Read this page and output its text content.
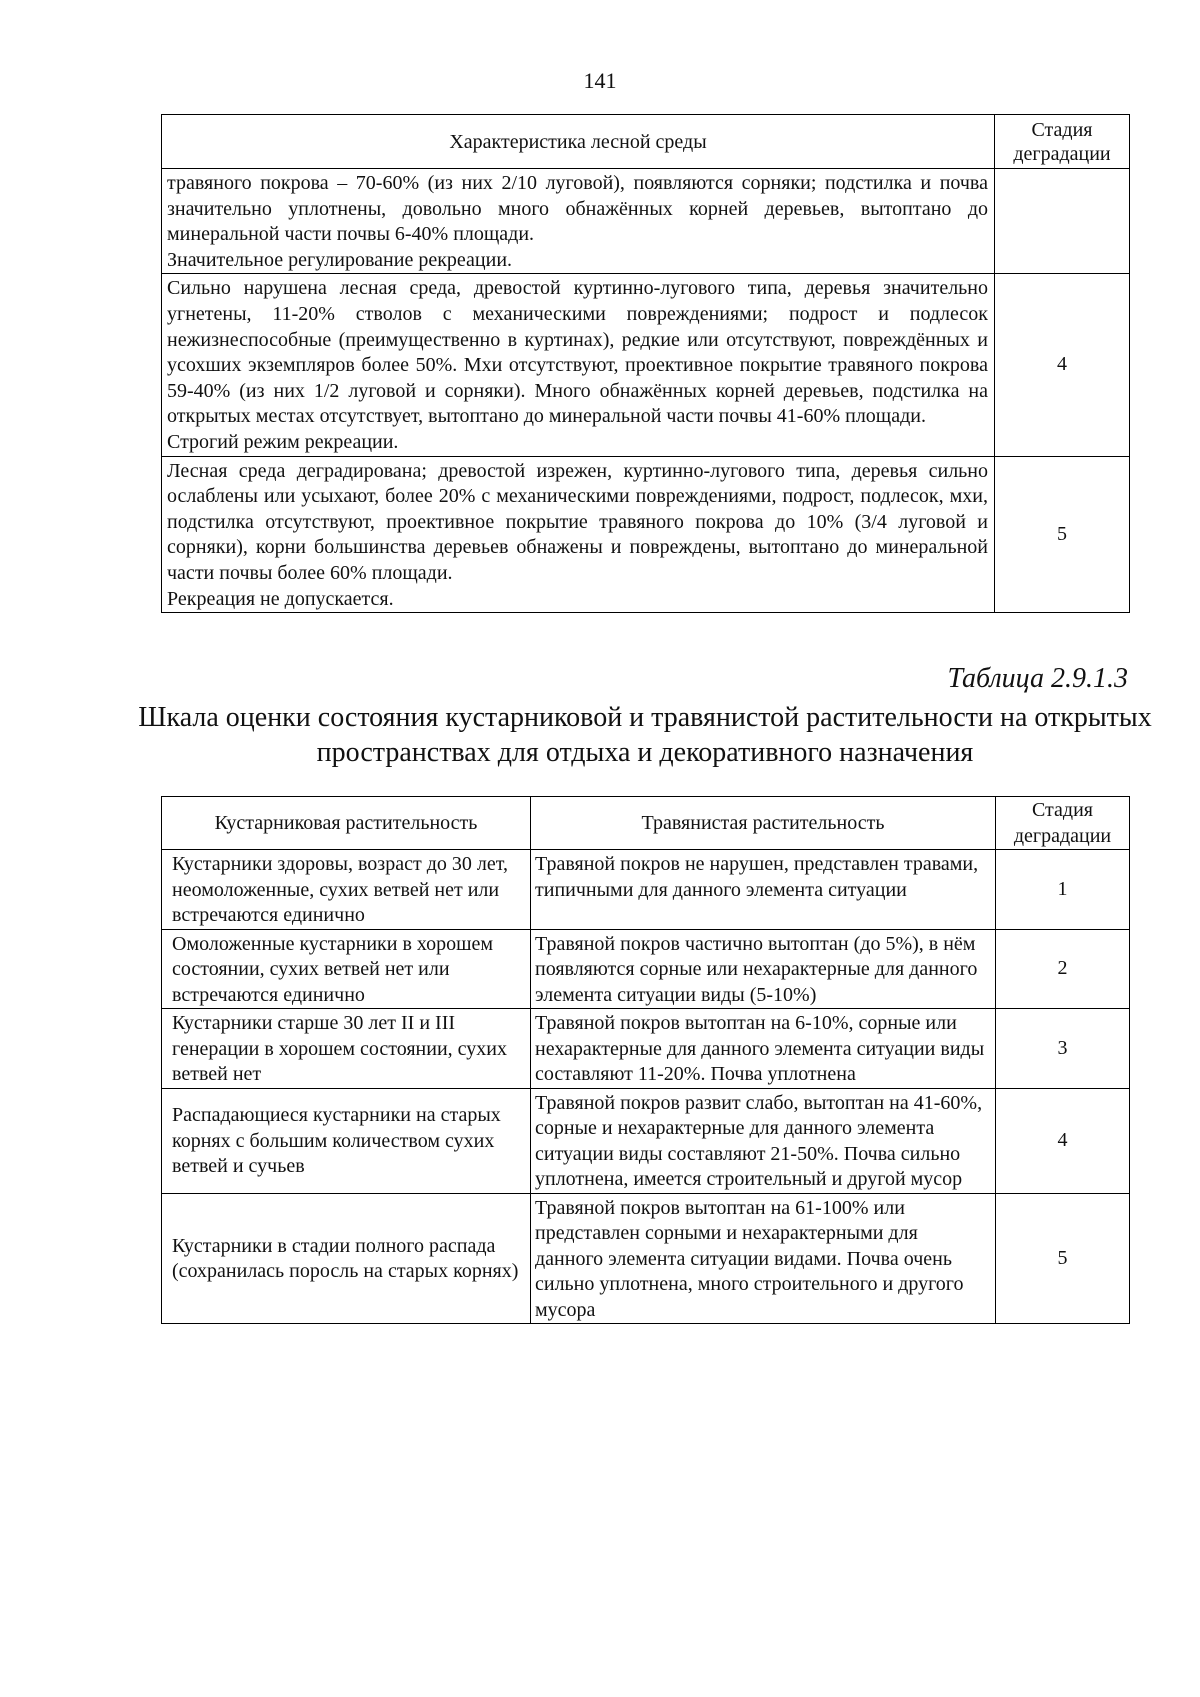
141
Характеристика лесной среды	Стадия деградации

травяного покрова – 70-60% (из них 2/10 луговой), появляются сорняки; подстилка и почва значительно уплотнены, довольно много обнажённых корней деревьев, вытоптано до минеральной части почвы 6-40% площади.
Значительное регулирование рекреации.	

Сильно нарушена лесная среда, древостой куртинно-лугового типа, деревья значительно угнетены, 11-20% стволов с механическими повреждениями; подрост и подлесок нежизнеспособные (преимущественно в куртинах), редкие или отсутствуют, повреждённых и усохших экземпляров более 50%. Мхи отсутствуют, проективное покрытие травяного покрова 59-40% (из них 1/2 луговой и сорняки). Много обнажённых корней деревьев, подстилка на открытых местах отсутствует, вытоптано до минеральной части почвы 41-60% площади.
Строгий режим рекреации.	4

Лесная среда деградирована; древостой изрежен, куртинно-лугового типа, деревья сильно ослаблены или усыхают, более 20% с механическими повреждениями, подрост, подлесок, мхи, подстилка отсутствуют, проективное покрытие травяного покрова до 10% (3/4 луговой и сорняки), корни большинства деревьев обнажены и повреждены, вытоптано до минеральной части почвы более 60% площади.
Рекреация не допускается.	5
Таблица 2.9.1.3
Шкала оценки состояния кустарниковой и травянистой растительности на открытых пространствах для отдыха и декоративного назначения
Кустарниковая растительность	Травянистая растительность	Стадия деградации
Кустарники здоровы, возраст до 30 лет, неомоложенные, сухих ветвей нет или встречаются единично	Травяной покров не нарушен, представлен травами, типичными для данного элемента ситуации	1
Омоложенные кустарники в хорошем состоянии, сухих ветвей нет или встречаются единично	Травяной покров частично вытоптан (до 5%), в нём появляются сорные или нехарактерные для данного элемента ситуации виды (5-10%)	2
Кустарники старше 30 лет II и III генерации в хорошем состоянии, сухих ветвей нет	Травяной покров вытоптан на 6-10%, сорные или нехарактерные для данного элемента ситуации виды составляют 11-20%. Почва уплотнена	3
Распадающиеся кустарники на старых корнях с большим количеством сухих ветвей и сучьев	Травяной покров развит слабо, вытоптан на 41-60%, сорные и нехарактерные для данного элемента ситуации виды составляют 21-50%. Почва сильно уплотнена, имеется строительный и другой мусор	4
Кустарники в стадии полного распада (сохранилась поросль на старых корнях)	Травяной покров вытоптан на 61-100% или представлен сорными и нехарактерными для данного элемента ситуации видами. Почва очень сильно уплотнена, много строительного и другого мусора	5
